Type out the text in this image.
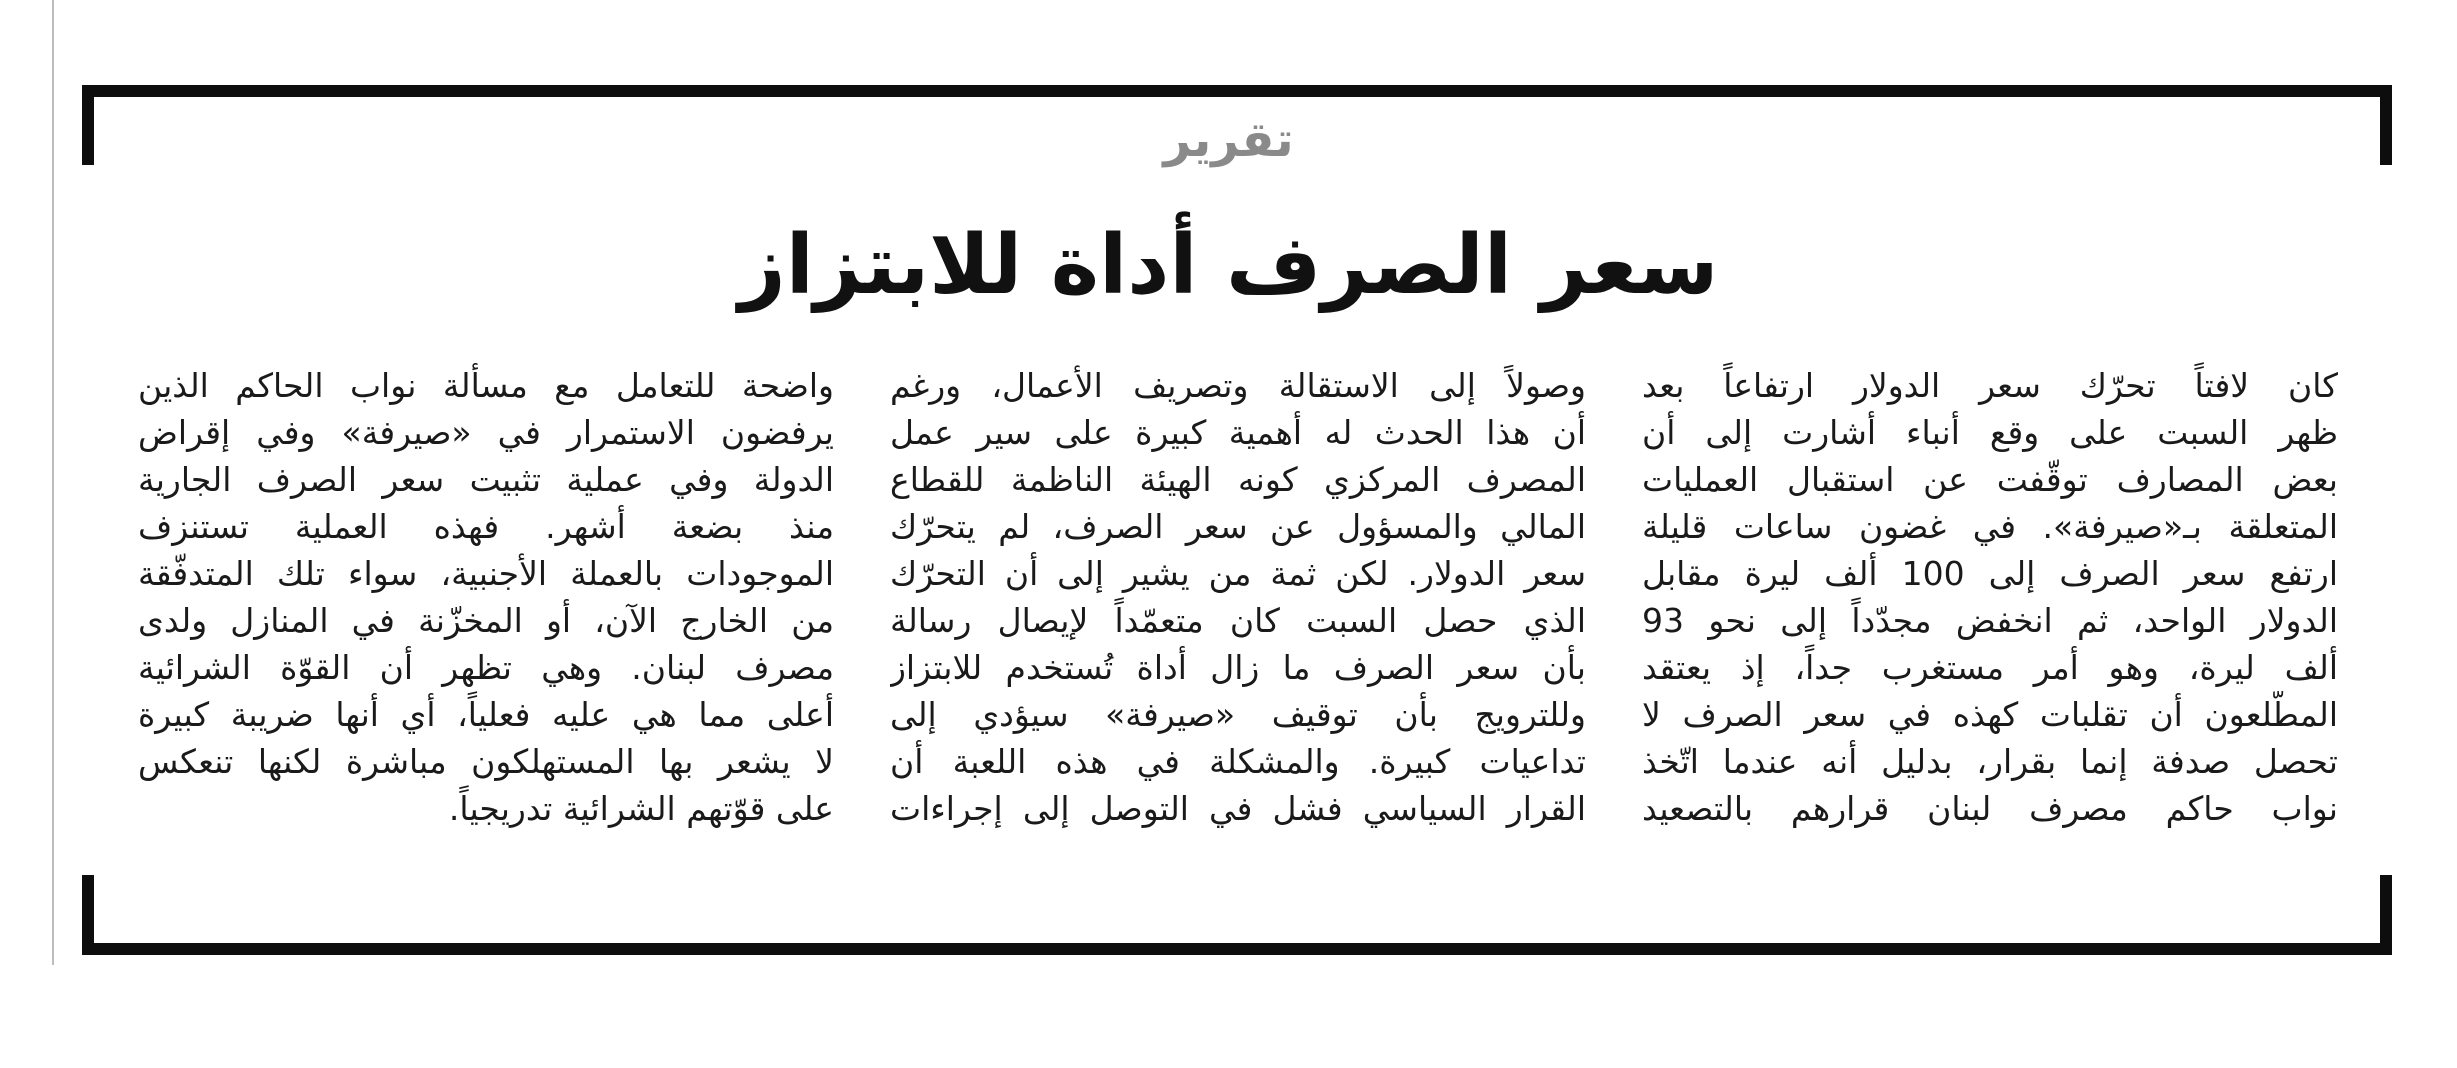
تقرير
سعر الصرف أداة للابتزاز
كان لافتاً تحرّك سعر الدولار ارتفاعاً بعد
ظهر السبت على وقع أنباء أشارت إلى أن
بعض المصارف توقّفت عن استقبال العمليات
المتعلقة بـ«صيرفة». في غضون ساعات قليلة
ارتفع سعر الصرف إلى 100 ألف ليرة مقابل
الدولار الواحد، ثم انخفض مجدّداً إلى نحو 93
ألف ليرة، وهو أمر مستغرب جداً، إذ يعتقد
المطّلعون أن تقلبات كهذه في سعر الصرف لا
تحصل صدفة إنما بقرار، بدليل أنه عندما اتّخذ
نواب حاكم مصرف لبنان قرارهم بالتصعيد
وصولاً إلى الاستقالة وتصريف الأعمال، ورغم
أن هذا الحدث له أهمية كبيرة على سير عمل
المصرف المركزي كونه الهيئة الناظمة للقطاع
المالي والمسؤول عن سعر الصرف، لم يتحرّك
سعر الدولار. لكن ثمة من يشير إلى أن التحرّك
الذي حصل السبت كان متعمّداً لإيصال رسالة
بأن سعر الصرف ما زال أداة تُستخدم للابتزاز
وللترويج بأن توقيف «صيرفة» سيؤدي إلى
تداعيات كبيرة. والمشكلة في هذه اللعبة أن
القرار السياسي فشل في التوصل إلى إجراءات
واضحة للتعامل مع مسألة نواب الحاكم الذين
يرفضون الاستمرار في «صيرفة» وفي إقراض
الدولة وفي عملية تثبيت سعر الصرف الجارية
منذ بضعة أشهر. فهذه العملية تستنزف
الموجودات بالعملة الأجنبية، سواء تلك المتدفّقة
من الخارج الآن، أو المخزّنة في المنازل ولدى
مصرف لبنان. وهي تظهر أن القوّة الشرائية
أعلى مما هي عليه فعلياً، أي أنها ضريبة كبيرة
لا يشعر بها المستهلكون مباشرة لكنها تنعكس
على قوّتهم الشرائية تدريجياً.
